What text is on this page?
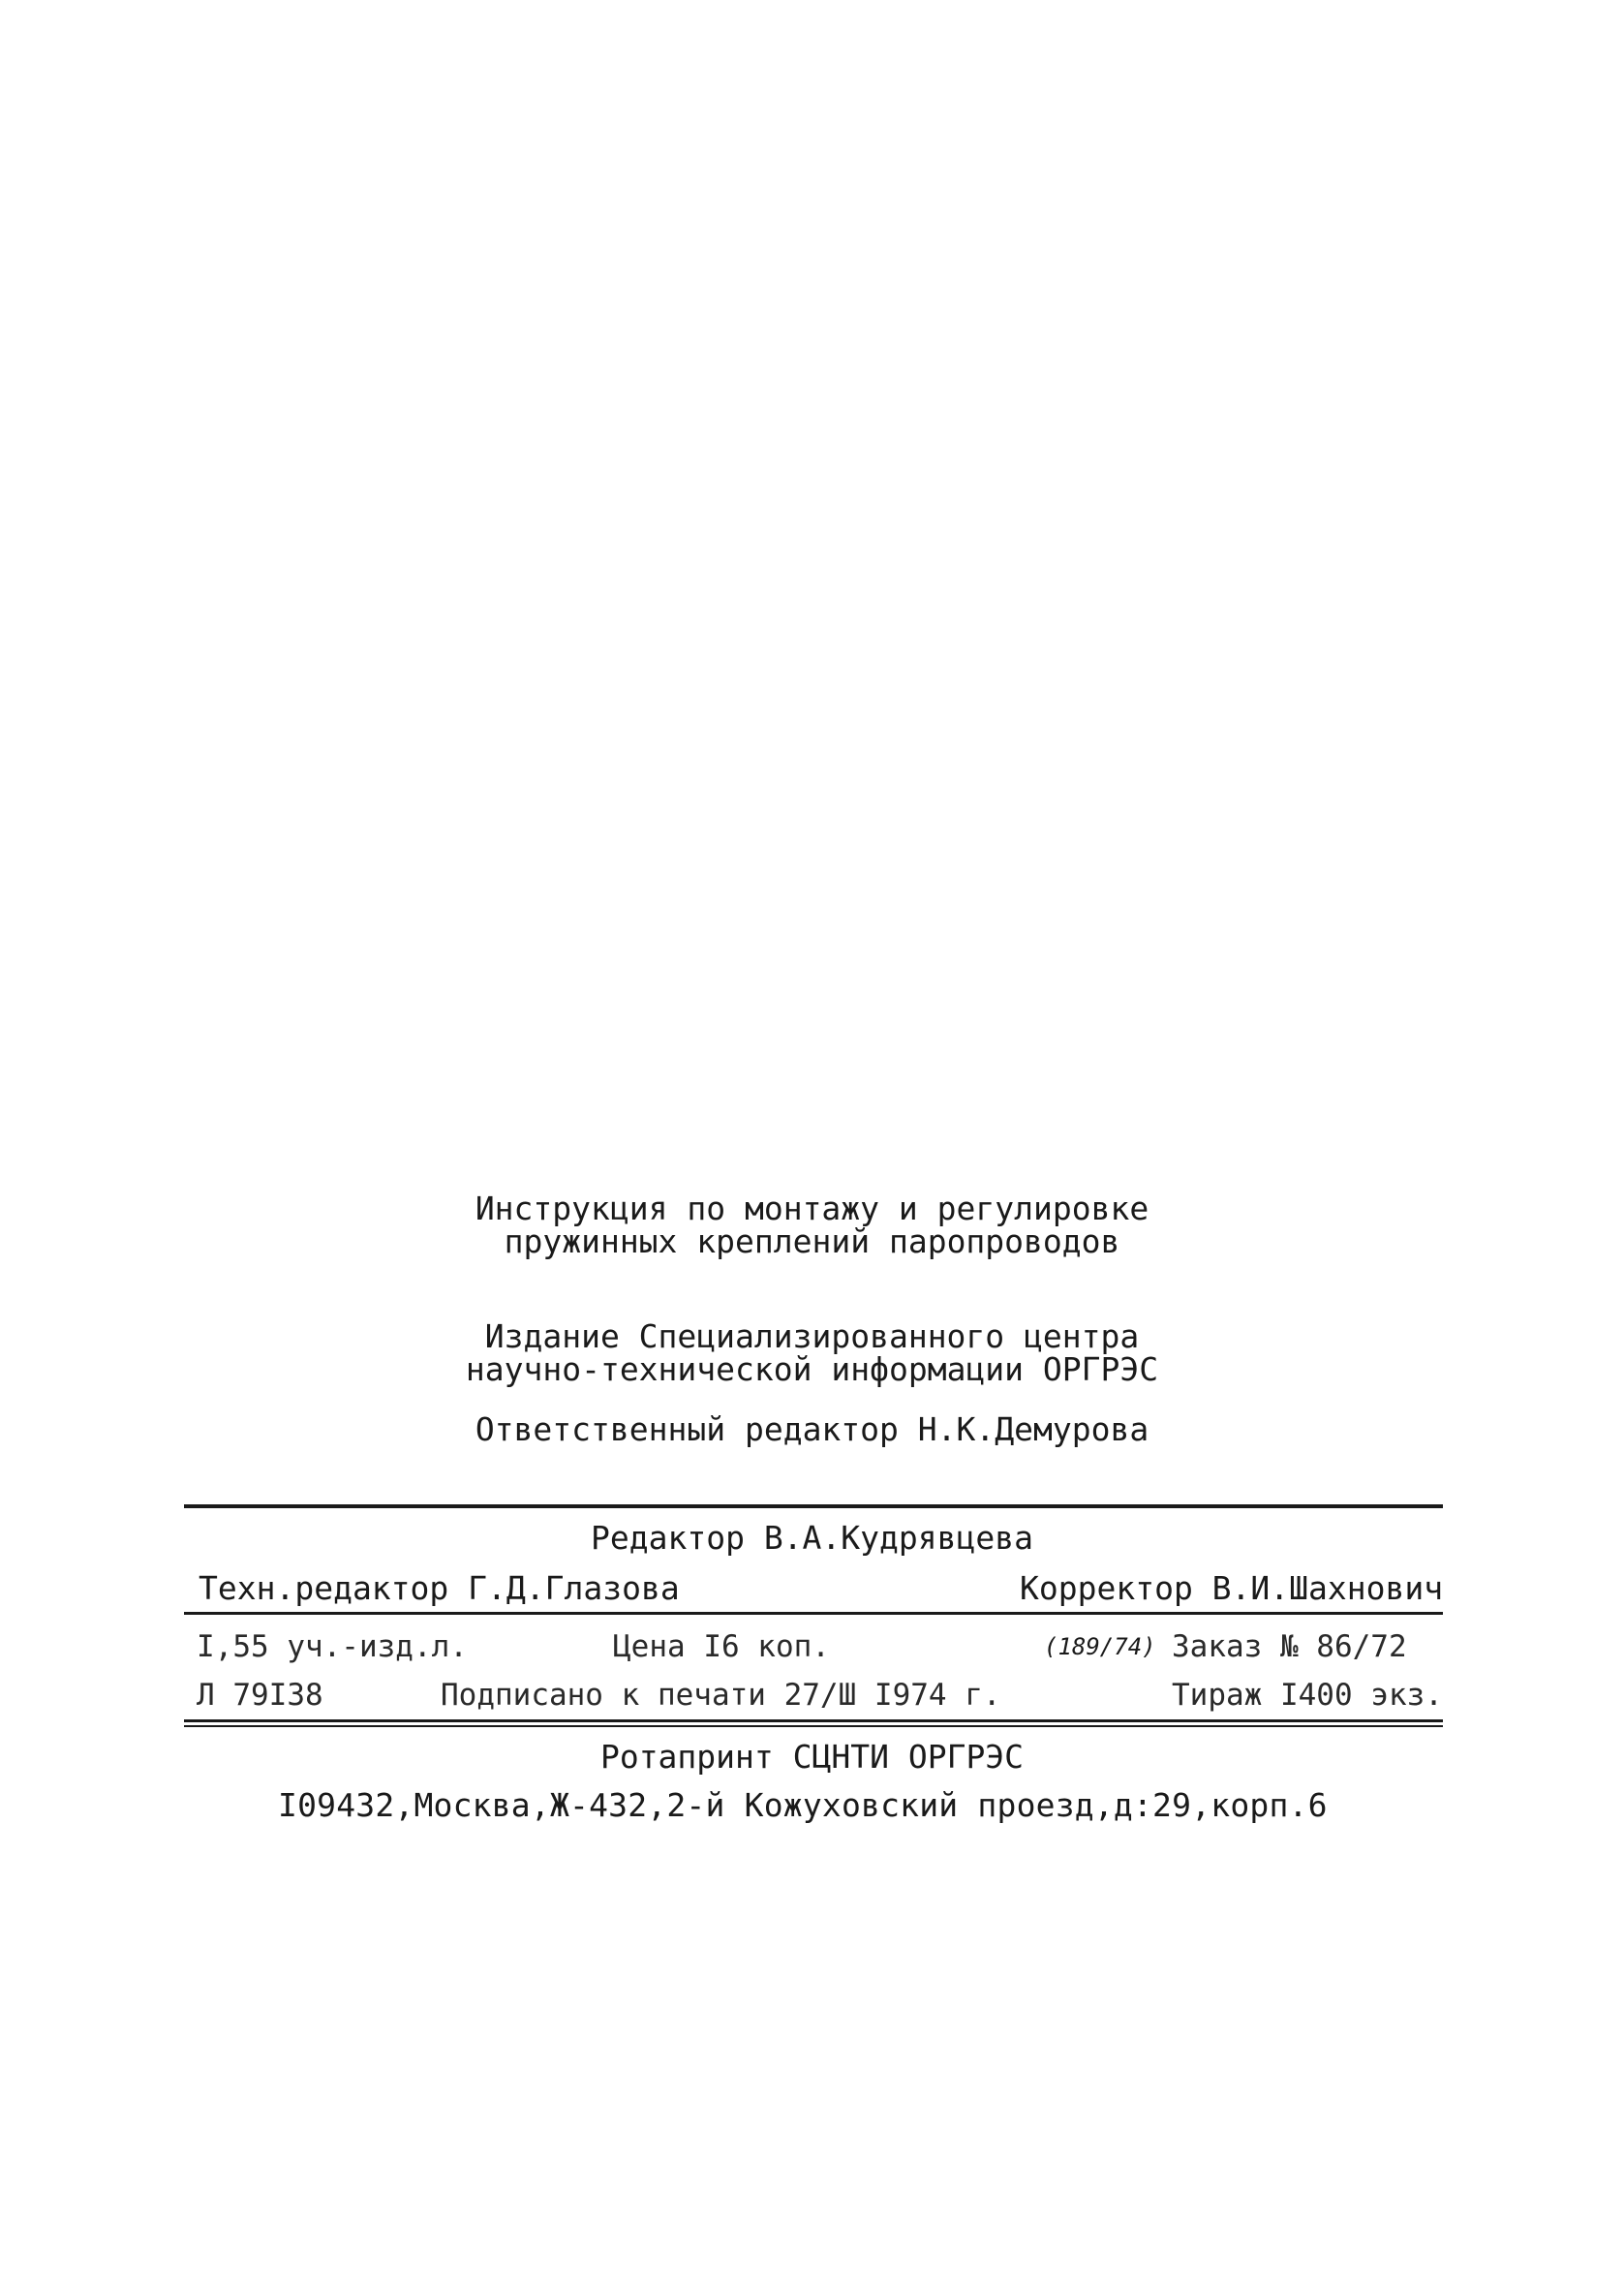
Инструкция по монтажу и регулировке
пружинных креплений паропроводов
Издание Специализированного центра
научно-технической информации ОРГРЭС
Ответственный редактор Н.К.Демурова
Редактор В.А.Кудрявцева
Техн.редактор Г.Д.Глазова	Корректор В.И.Шахнович
I,55 уч.-изд.л.	Цена I6 коп.	(189/74) Заказ № 86/72
Л 79I38	Подписано к печати 27/Ш I974 г.	Тираж I400 экз.
Ротапринт СЦНТИ ОРГРЭС
I09432,Москва,Ж-432,2-й Кожуховский проезд,д:29,корп.6
